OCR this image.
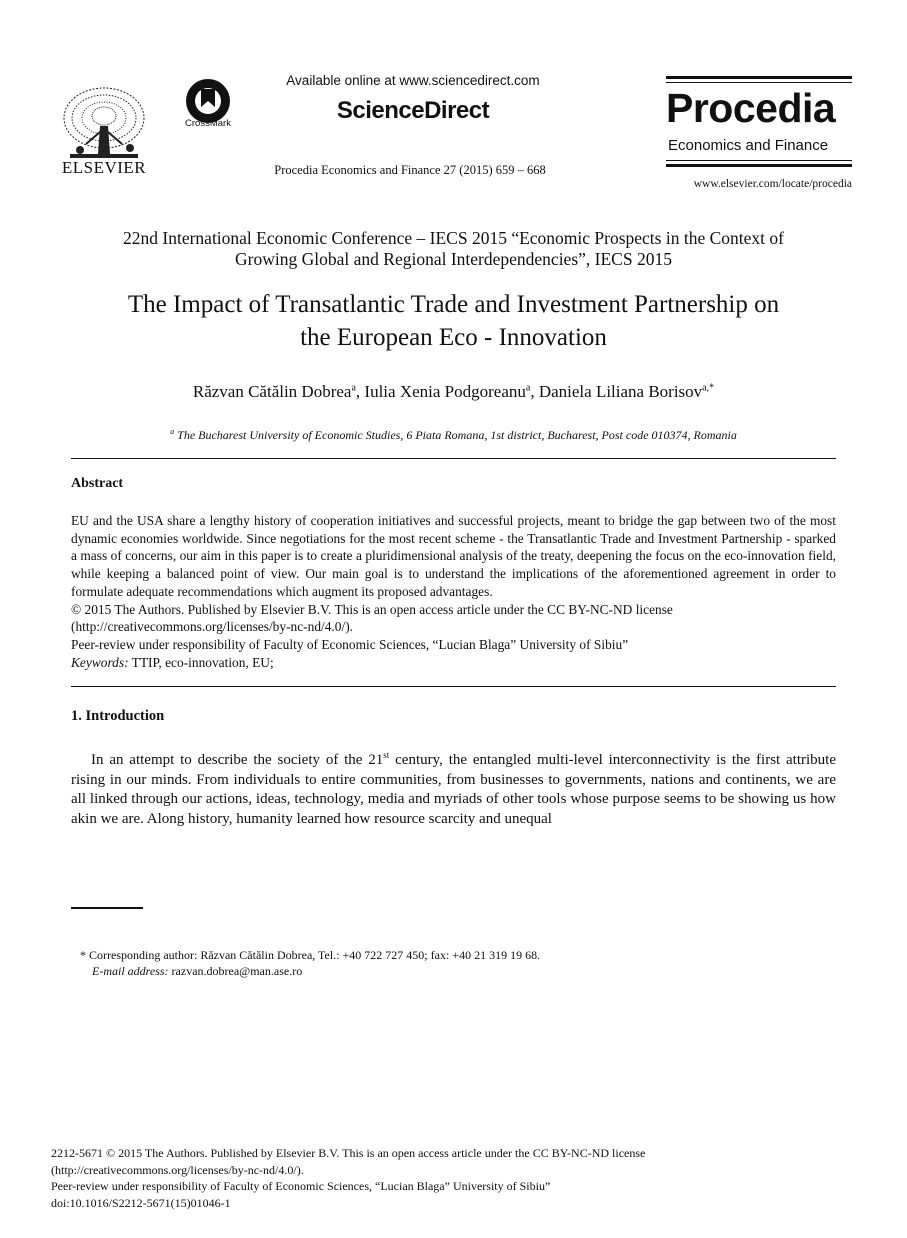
ELSEVIER
CrossMark
Available online at www.sciencedirect.com
ScienceDirect
Procedia Economics and Finance 27 (2015) 659 – 668
Procedia
Economics and Finance
www.elsevier.com/locate/procedia
22nd International Economic Conference – IECS 2015 “Economic Prospects in the Context of
Growing Global and Regional Interdependencies”, IECS 2015
The Impact of Transatlantic Trade and Investment Partnership on
the European Eco - Innovation
Răzvan Cătălin Dobrea$^a$, Iulia Xenia Podgoreanu$^a$, Daniela Liliana Borisov$^{a,*}$
$^a$ The Bucharest University of Economic Studies, 6 Piata Romana, 1st district, Bucharest, Post code 010374, Romania
Abstract

EU and the USA share a lengthy history of cooperation initiatives and successful projects, meant to bridge the gap between two of the most dynamic economies worldwide. Since negotiations for the most recent scheme - the Transatlantic Trade and Investment Partnership - sparked a mass of concerns, our aim in this paper is to create a pluridimensional analysis of the treaty, deepening the focus on the eco-innovation field, while keeping a balanced point of view. Our main goal is to understand the implications of the aforementioned agreement in order to formulate adequate recommendations which augment its proposed advantages.

© 2015 The Authors. Published by Elsevier B.V. This is an open access article under the CC BY-NC-ND license

(http://creativecommons.org/licenses/by-nc-nd/4.0/).

Peer-review under responsibility of Faculty of Economic Sciences, “Lucian Blaga” University of Sibiu”

Keywords: TTIP, eco-innovation, EU;

1. Introduction

In an attempt to describe the society of the 21st century, the entangled multi-level interconnectivity is the first attribute rising in our minds. From individuals to entire communities, from businesses to governments, nations and continents, we are all linked through our actions, ideas, technology, media and myriads of other tools whose purpose seems to be showing us how akin we are. Along history, humanity learned how resource scarcity and unequal

* Corresponding author: Răzvan Cătălin Dobrea, Tel.: +40 722 727 450; fax: +40 21 319 19 68.
E-mail address: razvan.dobrea@man.ase.ro
2212-5671 © 2015 The Authors. Published by Elsevier B.V. This is an open access article under the CC BY-NC-ND license
(http://creativecommons.org/licenses/by-nc-nd/4.0/).
Peer-review under responsibility of Faculty of Economic Sciences, “Lucian Blaga” University of Sibiu”
doi:10.1016/S2212-5671(15)01046-1
